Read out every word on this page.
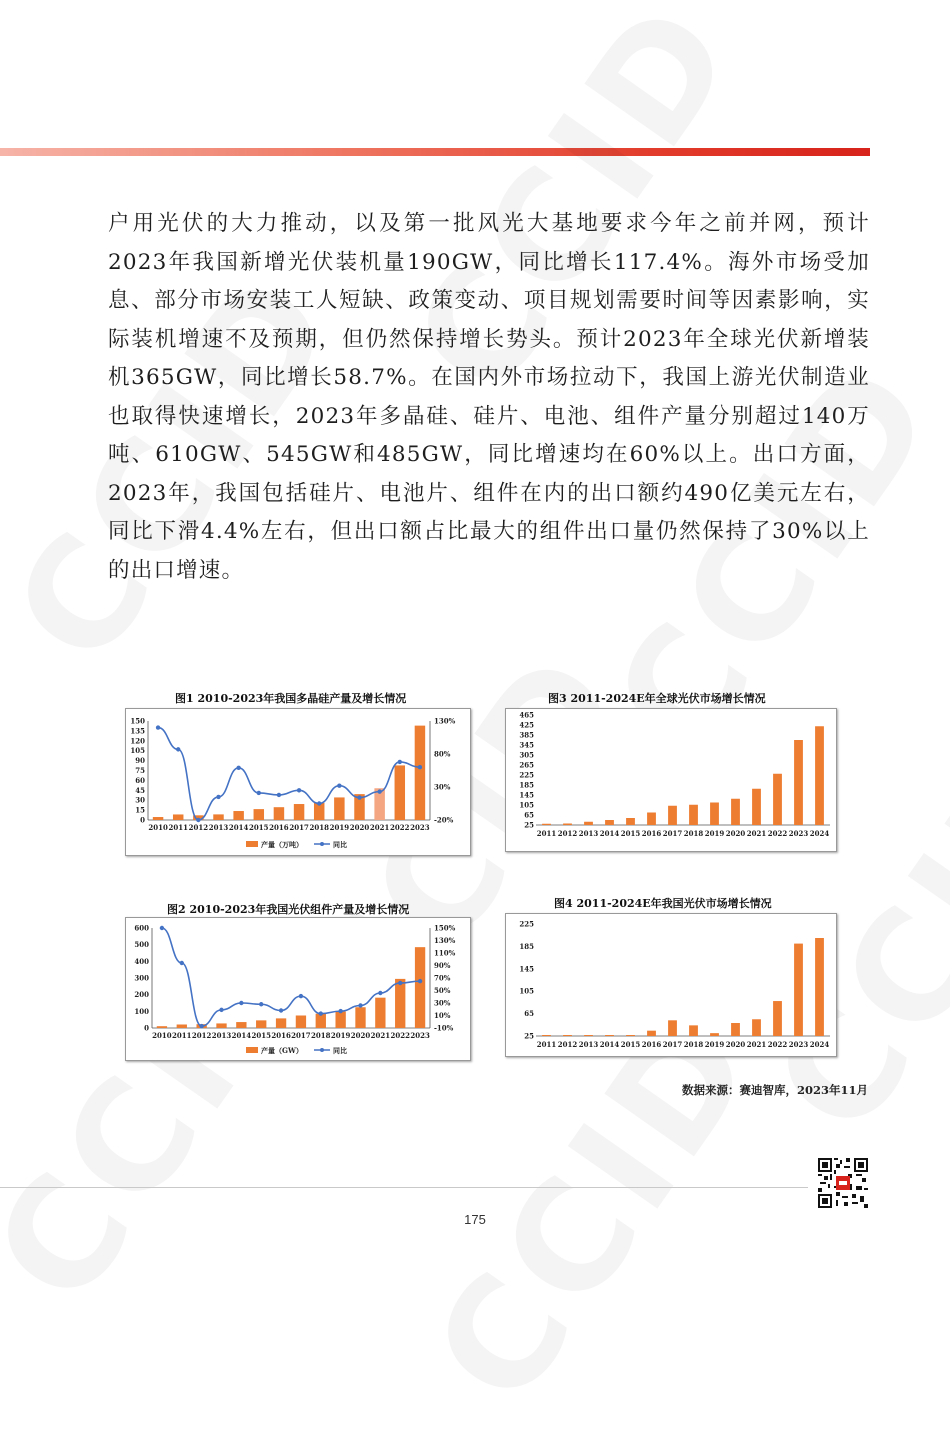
户用光伏的大力推动，以及第一批风光大基地要求今年之前并网，预计2023年我国新增光伏装机量190GW，同比增长117.4%。海外市场受加息、部分市场安装工人短缺、政策变动、项目规划需要时间等因素影响，实际装机增速不及预期，但仍然保持增长势头。预计2023年全球光伏新增装机365GW，同比增长58.7%。在国内外市场拉动下，我国上游光伏制造业也取得快速增长，2023年多晶硅、硅片、电池、组件产量分别超过140万吨、610GW、545GW和485GW，同比增速均在60%以上。出口方面，2023年，我国包括硅片、电池片、组件在内的出口额约490亿美元左右，同比下滑4.4%左右，但出口额占比最大的组件出口量仍然保持了30%以上的出口增速。

图1 2010-2023年我国多晶硅产量及增长情况
150
135
120
105
90
75
60
45
30
15
0
130%
80%
30%
-20%
2010 2011 2012 2013 2014 2015 2016 2017 2018 2019 2020 2021 2022 2023
产量（万吨）	同比
图3 2011-2024E年全球光伏市场增长情况
465
425
385
345
305
265
225
185
145
105
65
25
2011 2012 2013 2014 2015 2016 2017 2018 2019 2020 2021 2022 2023 2024
图2 2010-2023年我国光伏组件产量及增长情况
600
500
400
300
200
100
0
150%
130%
110%
90%
70%
50%
30%
10%
-10%
2010 2011 2012 2013 2014 2015 2016 2017 2018 2019 2020 2021 2022 2023
产量（GW）	同比
图4 2011-2024E年我国光伏市场增长情况
225
185
145
105
65
25
2011 2012 2013 2014 2015 2016 2017 2018 2019 2020 2021 2022 2023 2024
数据来源：赛迪智库，2023年11月
175
